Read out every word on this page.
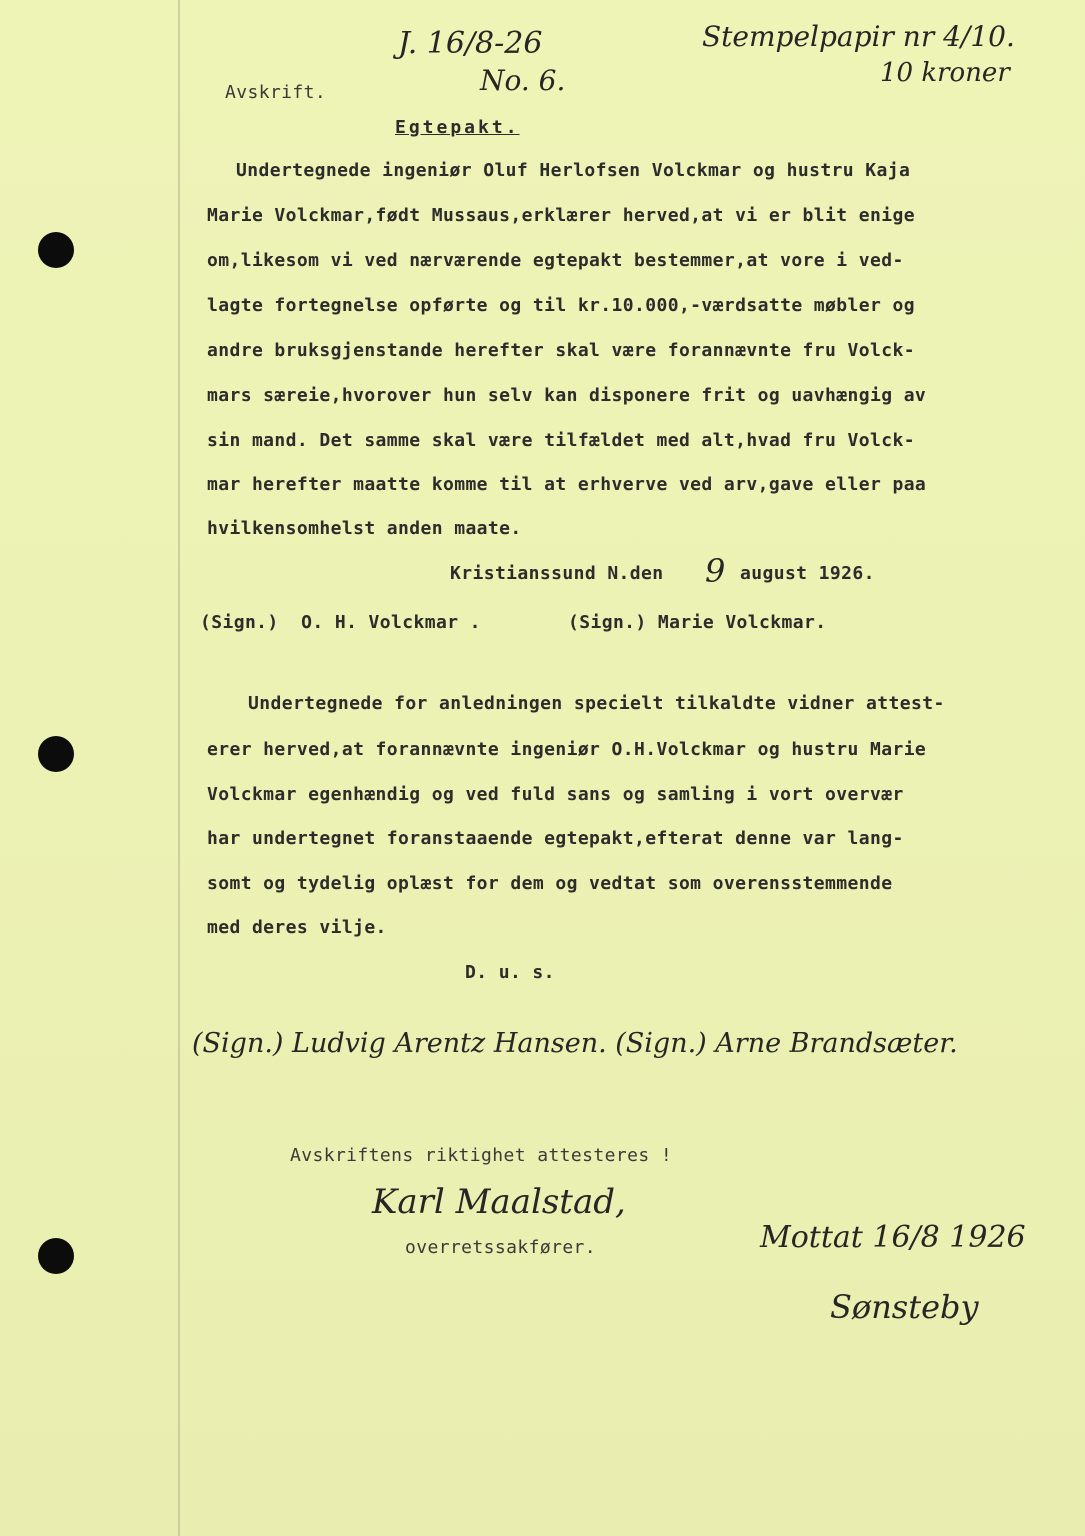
Avskrift.

J. 16/8-26

No. 6.

Stempelpapir nr 4/10.

10 kroner

Egtepakt.

Undertegnede ingeniør Oluf Herlofsen Volckmar og hustru Kaja

Marie Volckmar,født Mussaus,erklærer herved,at vi er blit enige

om,likesom vi ved nærværende egtepakt bestemmer,at vore i ved-

lagte fortegnelse opførte og til kr.10.000,-værdsatte møbler og

andre bruksgjenstande herefter skal være forannævnte fru Volck-

mars særeie,hvorover hun selv kan disponere frit og uavhængig av

sin mand. Det samme skal være tilfældet med alt,hvad fru Volck-

mar herefter maatte komme til at erhverve ved arv,gave eller paa

hvilkensomhelst anden maate.

Kristianssund N.den 9 august 1926.

(Sign.)  O. H. Volckmar .	(Sign.) Marie Volckmar.

Undertegnede for anledningen specielt tilkaldte vidner attest-

erer herved,at forannævnte ingeniør O.H.Volckmar og hustru Marie

Volckmar egenhændig og ved fuld sans og samling i vort overvær

har undertegnet foranstaaende egtepakt,efterat denne var lang-

somt og tydelig oplæst for dem og vedtat som overensstemmende

med deres vilje.

D. u. s.

(Sign.) Ludvig Arentz Hansen. (Sign.) Arne Brandsæter.

Avskriftens riktighet attesteres !

Karl Maalstad,

overretssakfører.	Mottat 16/8 1926

Sønsteby
